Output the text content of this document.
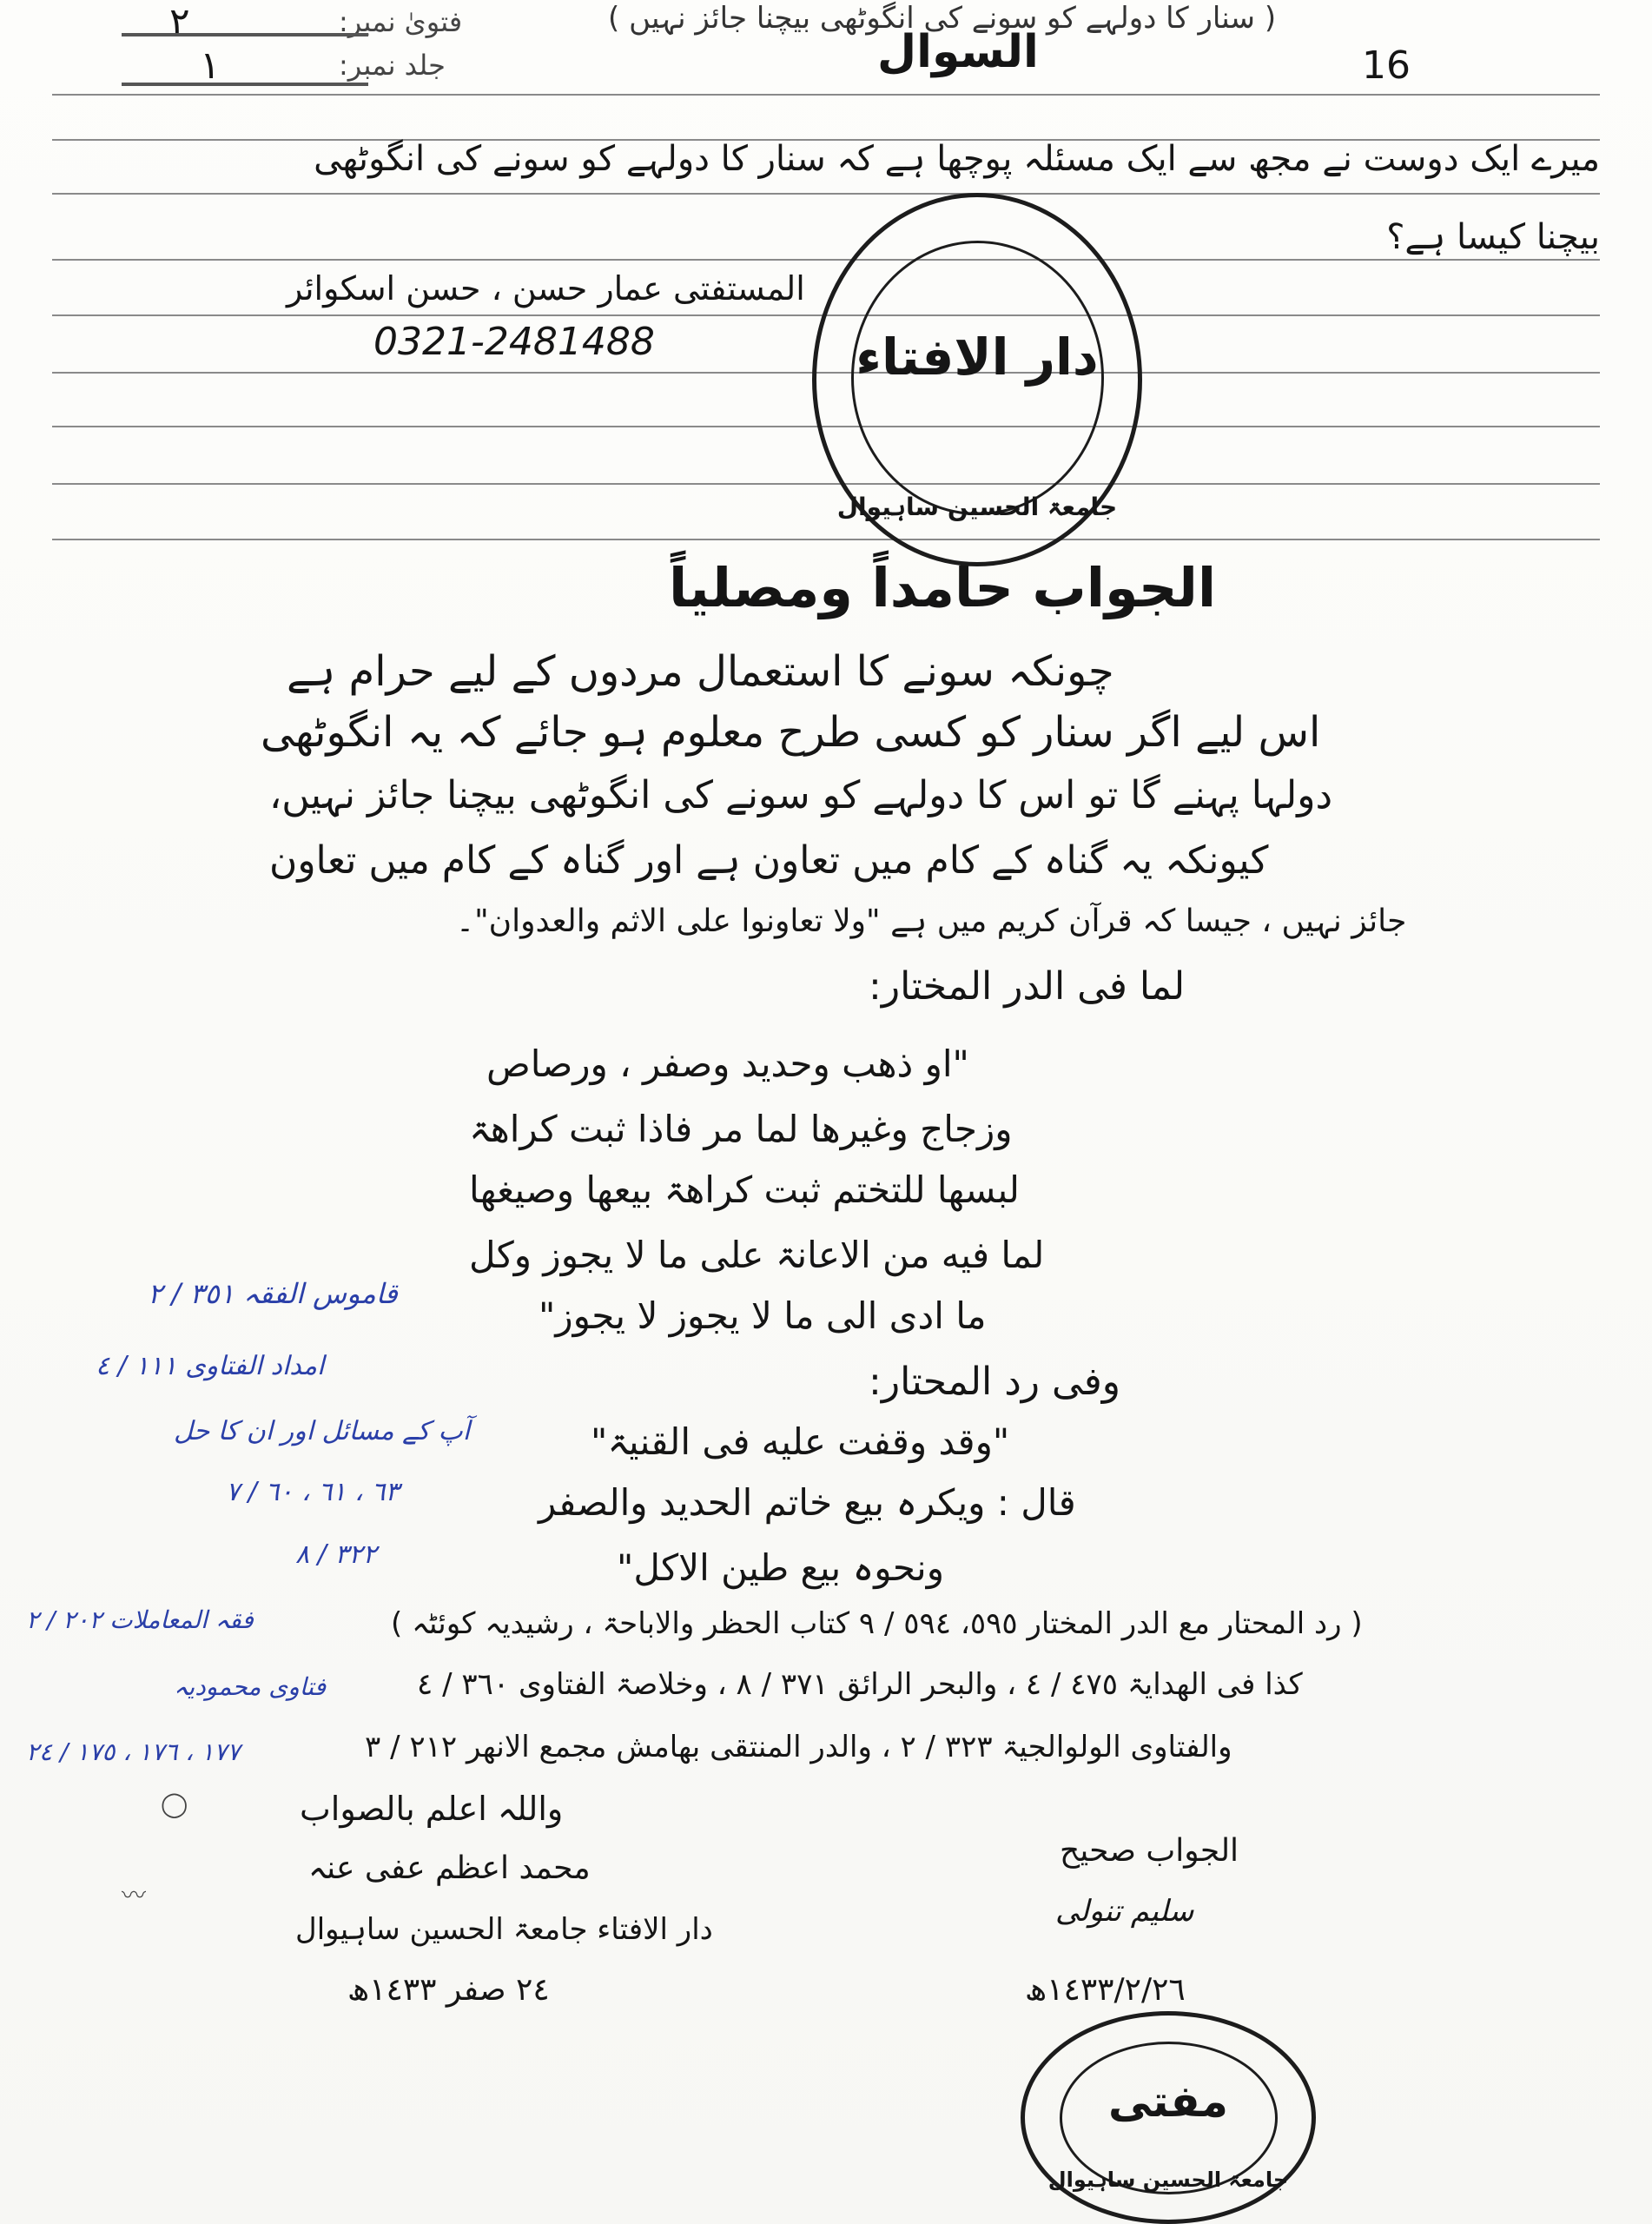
( سنار کا دولہے کو سونے کی انگوٹھی بیچنا جائز نہیں )
فتویٰ نمبر:
٢
جلد نمبر:
١	16
السوال
میرے ایک دوست نے مجھ سے ایک مسئلہ پوچھا ہے کہ سنار کا دولہے کو سونے کی انگوٹھی
بیچنا کیسا ہے؟
المستفتی عمار حسن ، حسن اسکوائر
0321-2481488	دار الافتاء
جامعۃ الحسین ساہیوال
الجواب حامداً ومصلیاً
چونکہ سونے کا استعمال مردوں کے لیے حرام ہے
اس لیے اگر سنار کو کسی طرح معلوم ہو جائے کہ یہ انگوٹھی
دولہا پہنے گا تو اس کا دولہے کو سونے کی انگوٹھی بیچنا جائز نہیں،
کیونکہ یہ گناہ کے کام میں تعاون ہے اور گناہ کے کام میں تعاون
جائز نہیں ، جیسا کہ قرآن کریم میں ہے "ولا تعاونوا علی الاثم والعدوان"۔
لما فی الدر المختار:
"او ذھب وحدید وصفر ، ورصاص
وزجاج وغیرها لما مر فاذا ثبت کراھۃ
لبسها للتختم ثبت کراھۃ بیعها وصیغها
لما فیه من الاعانۃ علی ما لا یجوز وکل
ما ادی الی ما لا یجوز لا یجوز"
وفی رد المحتار:
"وقد وقفت علیه فی القنیۃ"
قال : ویکرہ بیع خاتم الحدید والصفر
ونحوہ بیع طین الاکل"
( رد المحتار مع الدر المختار ٥٩٥، ٥٩٤ / ٩ کتاب الحظر والاباحۃ ، رشیدیہ کوئٹہ )
کذا فی الھدایۃ ٤٧٥ / ٤ ، والبحر الرائق ٣٧١ / ٨ ، وخلاصۃ الفتاوی ٣٦٠ / ٤
والفتاوی الولوالجیۃ ٣٢٣ / ٢ ، والدر المنتقی بھامش مجمع الانھر ٢١٢ / ٣
قاموس الفقہ ٣٥١ / ٢
امداد الفتاوی ١١١ / ٤
آپ کے مسائل اور ان کا حل
٦٣ ، ٦١ ، ٦٠ / ٧
٣٢٢ / ٨
فقہ المعاملات ٢٠٢ / ٢
فتاوی محمودیہ
١٧٧ ، ١٧٦ ، ١٧٥ / ٢٤
واللہ اعلم بالصواب
محمد اعظم عفی عنہ
دار الافتاء جامعۃ الحسین ساہیوال
٢٤ صفر ١٤٣٣ھ
الجواب صحیح
سلیم تنولی
١٤٣٣/٢/٢٦ھ
◯
〰
مفتی
جامعۃ الحسین ساہیوال
